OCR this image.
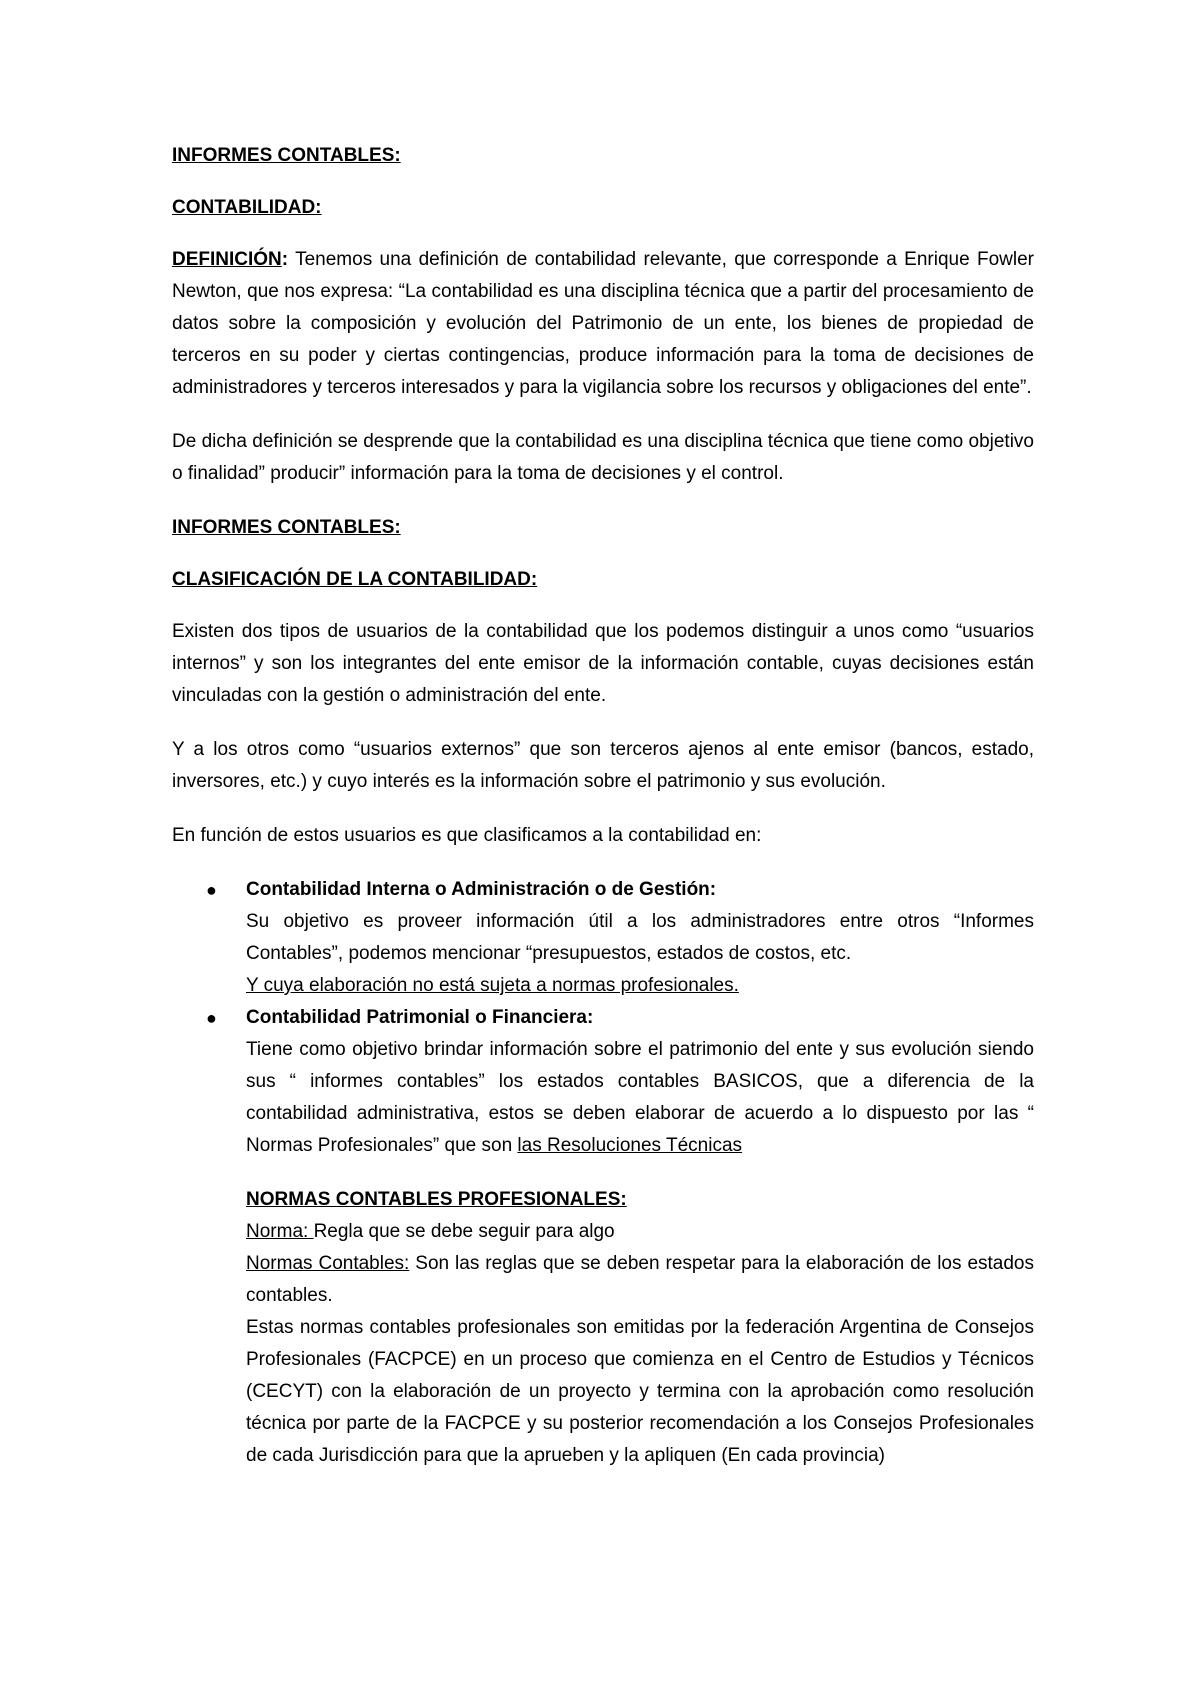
INFORMES CONTABLES:

CONTABILIDAD:

DEFINICIÓN: Tenemos una definición de contabilidad relevante, que corresponde a Enrique Fowler Newton, que nos expresa: “La contabilidad es una disciplina técnica que a partir del procesamiento de datos sobre la composición y evolución del Patrimonio de un ente, los bienes de propiedad de terceros en su poder y ciertas contingencias, produce información para la toma de decisiones de administradores y terceros interesados y para la vigilancia sobre los recursos y obligaciones del ente”.

De dicha definición se desprende que la contabilidad es una disciplina técnica que tiene como objetivo o finalidad” producir” información para la toma de decisiones y el control.

INFORMES CONTABLES:

CLASIFICACIÓN DE LA CONTABILIDAD:

Existen dos tipos de usuarios de la contabilidad que los podemos distinguir a unos como “usuarios internos” y son los integrantes del ente emisor de la información contable, cuyas decisiones están vinculadas con la gestión o administración del ente.

Y a los otros como “usuarios externos” que son terceros ajenos al ente emisor (bancos, estado, inversores, etc.) y cuyo interés es la información sobre el patrimonio y sus evolución.

En función de estos usuarios es que clasificamos a la contabilidad en:

● Contabilidad Interna o Administración o de Gestión:

Su objetivo es proveer información útil a los administradores entre otros “Informes Contables”, podemos mencionar “presupuestos, estados de costos, etc.

Y cuya elaboración no está sujeta a normas profesionales.

● Contabilidad Patrimonial o Financiera:

Tiene como objetivo brindar información sobre el patrimonio del ente y sus evolución siendo sus “ informes contables” los estados contables BASICOS, que a diferencia de la contabilidad administrativa, estos se deben elaborar de acuerdo a lo dispuesto por las “ Normas Profesionales” que son las Resoluciones Técnicas

NORMAS CONTABLES PROFESIONALES:

Norma: Regla que se debe seguir para algo

Normas Contables: Son las reglas que se deben respetar para la elaboración de los estados contables.

Estas normas contables profesionales son emitidas por la federación Argentina de Consejos Profesionales (FACPCE) en un proceso que comienza en el Centro de Estudios y Técnicos (CECYT) con la elaboración de un proyecto y termina con la aprobación como resolución técnica por parte de la FACPCE y su posterior recomendación a los Consejos Profesionales de cada Jurisdicción para que la aprueben y la apliquen (En cada provincia)
